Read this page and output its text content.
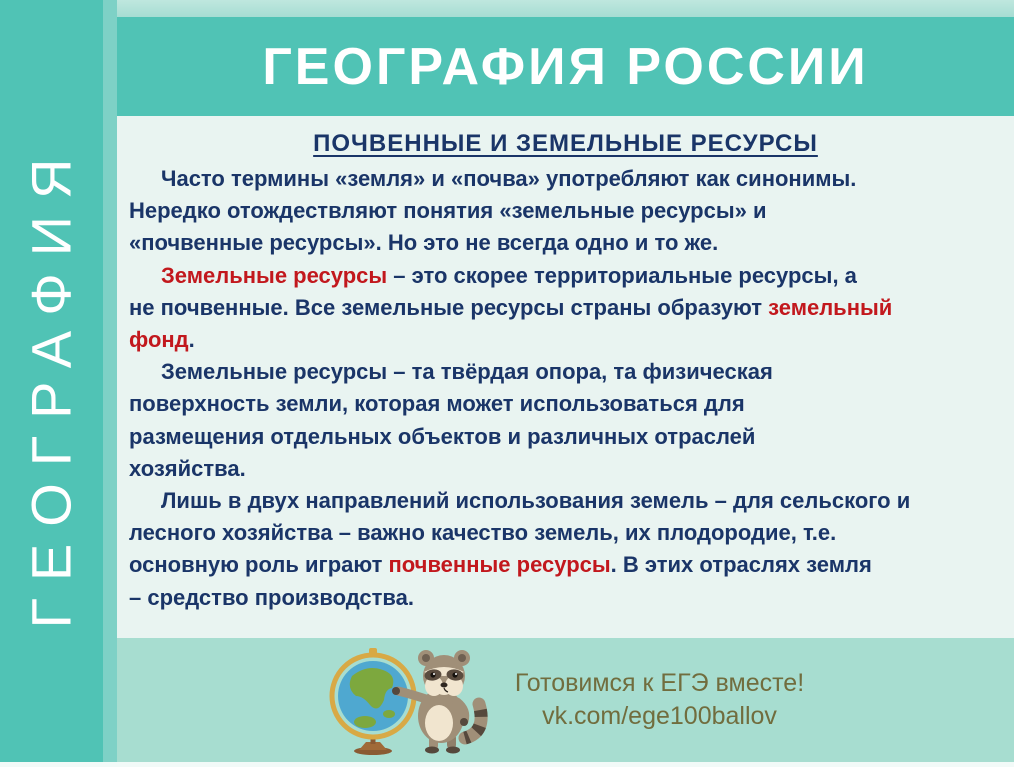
ГЕОГРАФИЯ
ГЕОГРАФИЯ РОССИИ
ПОЧВЕННЫЕ И ЗЕМЕЛЬНЫЕ РЕСУРСЫ
Часто термины «земля» и «почва» употребляют как синонимы.
Нередко отождествляют понятия «земельные ресурсы» и
«почвенные ресурсы». Но это не всегда одно и то же.
Земельные ресурсы – это скорее территориальные ресурсы, а
не почвенные. Все земельные ресурсы страны образуют земельный
фонд.
Земельные ресурсы – та твёрдая опора, та физическая
поверхность земли, которая может использоваться для
размещения отдельных объектов и различных отраслей
хозяйства.
Лишь в двух направлений использования земель – для сельского и
лесного хозяйства – важно качество земель, их плодородие, т.е.
основную роль играют почвенные ресурсы. В этих отраслях земля
– средство производства.
Готовимся к ЕГЭ вместе!
vk.com/ege100ballov
